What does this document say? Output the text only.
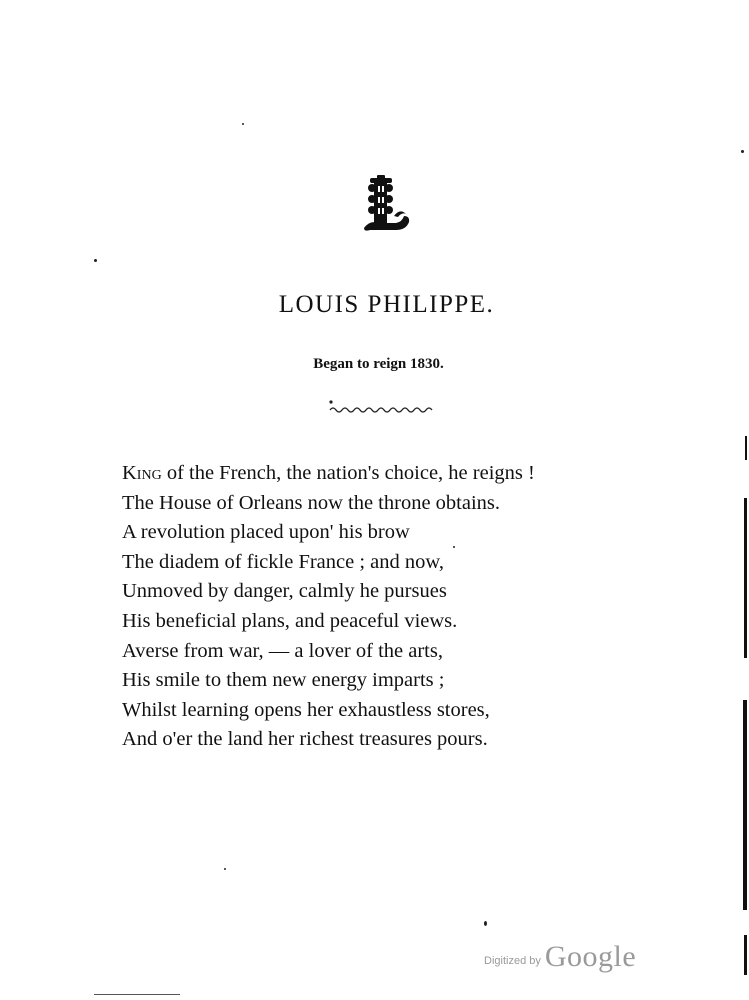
LOUIS PHILIPPE.
Began to reign 1830.
King of the French, the nation's choice, he reigns !
The House of Orleans now the throne obtains.
A revolution placed upon' his brow
The diadem of fickle France ; and now,
Unmoved by danger, calmly he pursues
His beneficial plans, and peaceful views.
Averse from war, — a lover of the arts,
His smile to them new energy imparts ;
Whilst learning opens her exhaustless stores,
And o'er the land her richest treasures pours.
Digitized by Google
